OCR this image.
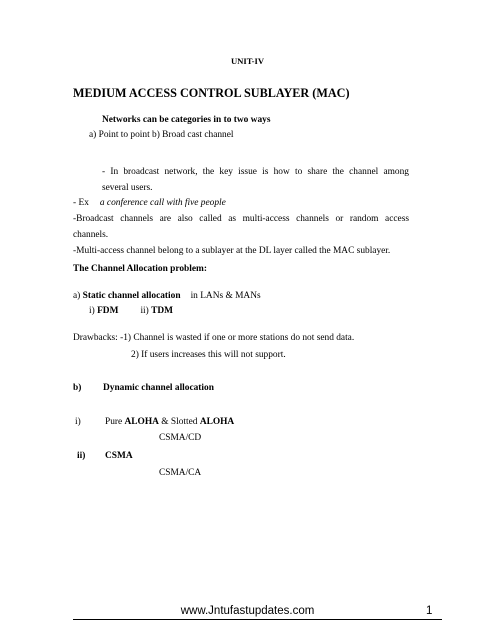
UNIT-IV
MEDIUM ACCESS CONTROL SUBLAYER (MAC)
Networks can be categories in to two ways
a) Point to point b) Broad cast channel
- In broadcast network, the key issue is how to share the channel among
several users.
- Ex a conference call with five people
-Broadcast channels are also called as multi-access channels or random access
channels.
-Multi-access channel belong to a sublayer at the DL layer called the MAC sublayer.
The Channel Allocation problem:
a) Static channel allocation in LANs & MANs
i) FDM ii) TDM
Drawbacks: -1) Channel is wasted if one or more stations do not send data.
2) If users increases this will not support.
b) Dynamic channel allocation
i)	Pure ALOHA & Slotted ALOHA
CSMA/CD
ii) CSMA
CSMA/CA
www.Jntufastupdates.com	1
